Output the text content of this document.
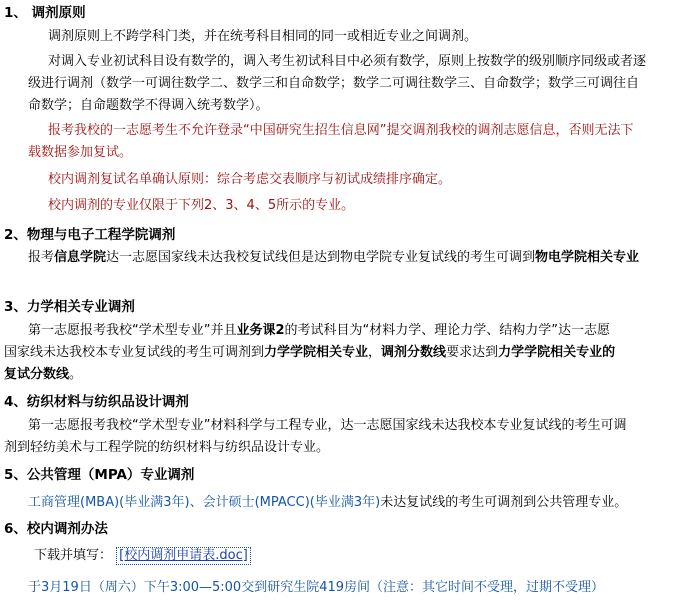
1、 调剂原则
调剂原则上不跨学科门类，并在统考科目相同的同一或相近专业之间调剂。
对调入专业初试科目设有数学的，调入考生初试科目中必须有数学，原则上按数学的级别顺序同级或者逐
级进行调剂（数学一可调往数学二、数学三和自命数学；数学二可调往数学三、自命数学；数学三可调往自
命数学；自命题数学不得调入统考数学）。
报考我校的一志愿考生不允许登录“中国研究生招生信息网”提交调剂我校的调剂志愿信息，否则无法下
载数据参加复试。
校内调剂复试名单确认原则：综合考虑交表顺序与初试成绩排序确定。
校内调剂的专业仅限于下列2、3、4、5所示的专业。
2、物理与电子工程学院调剂
报考信息学院达一志愿国家线未达我校复试线但是达到物电学院专业复试线的考生可调到物电学院相关专业
3、力学相关专业调剂
第一志愿报考我校“学术型专业”并且业务课2的考试科目为“材料力学、理论力学、结构力学”达一志愿
国家线未达我校本专业复试线的考生可调剂到力学学院相关专业，调剂分数线要求达到力学学院相关专业的
复试分数线。
4、纺织材料与纺织品设计调剂
第一志愿报考我校“学术型专业”材料科学与工程专业，达一志愿国家线未达我校本专业复试线的考生可调
剂到轻纺美术与工程学院的纺织材料与纺织品设计专业。
5、公共管理（MPA）专业调剂
工商管理(MBA)(毕业满3年)、会计硕士(MPACC)(毕业满3年)未达复试线的考生可调剂到公共管理专业。
6、校内调剂办法
下载并填写： [校内调剂申请表.doc]
于3月19日（周六）下午3:00—5:00交到研究生院419房间（注意：其它时间不受理，过期不受理）
